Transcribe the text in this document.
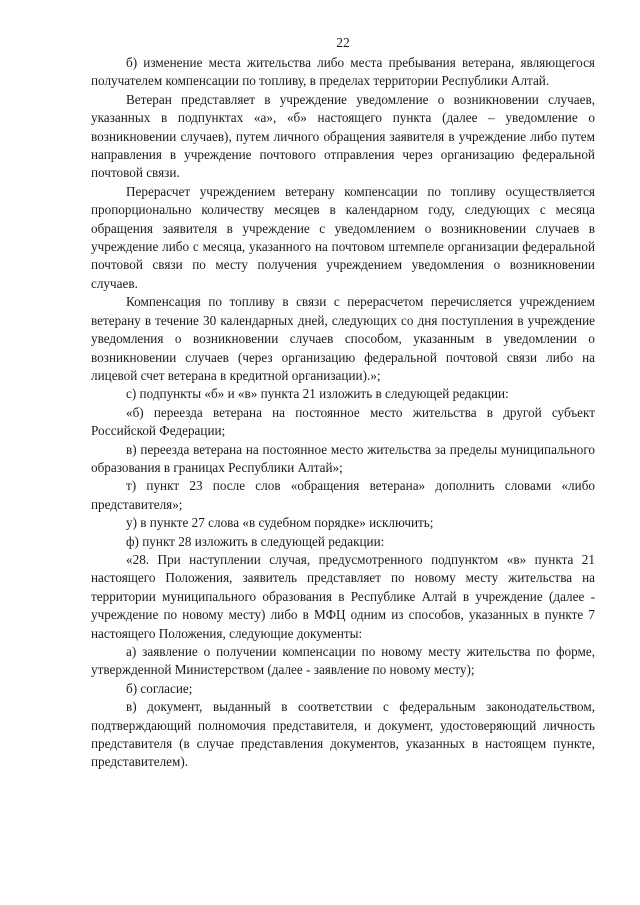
22

б) изменение места жительства либо места пребывания ветерана, являющегося получателем компенсации по топливу, в пределах территории Республики Алтай.

Ветеран представляет в учреждение уведомление о возникновении случаев, указанных в подпунктах «а», «б» настоящего пункта (далее – уведомление о возникновении случаев), путем личного обращения заявителя в учреждение либо путем направления в учреждение почтового отправления через организацию федеральной почтовой связи.

Перерасчет учреждением ветерану компенсации по топливу осуществляется пропорционально количеству месяцев в календарном году, следующих с месяца обращения заявителя в учреждение с уведомлением о возникновении случаев в учреждение либо с месяца, указанного на почтовом штемпеле организации федеральной почтовой связи по месту получения учреждением уведомления о возникновении случаев.

Компенсация по топливу в связи с перерасчетом перечисляется учреждением ветерану в течение 30 календарных дней, следующих со дня поступления в учреждение уведомления о возникновении случаев способом, указанным в уведомлении о возникновении случаев (через организацию федеральной почтовой связи либо на лицевой счет ветерана в кредитной организации).»;

с) подпункты «б» и «в» пункта 21 изложить в следующей редакции:

«б) переезда ветерана на постоянное место жительства в другой субъект Российской Федерации;

в) переезда ветерана на постоянное место жительства за пределы муниципального образования в границах Республики Алтай»;

т) пункт 23 после слов «обращения ветерана» дополнить словами «либо представителя»;

у) в пункте 27 слова «в судебном порядке» исключить;

ф) пункт 28 изложить в следующей редакции:

«28. При наступлении случая, предусмотренного подпунктом «в» пункта 21 настоящего Положения, заявитель представляет по новому месту жительства на территории муниципального образования в Республике Алтай в учреждение (далее - учреждение по новому месту) либо в МФЦ одним из способов, указанных в пункте 7 настоящего Положения, следующие документы:

а) заявление о получении компенсации по новому месту жительства по форме, утвержденной Министерством (далее - заявление по новому месту);

б) согласие;

в) документ, выданный в соответствии с федеральным законодательством, подтверждающий полномочия представителя, и документ, удостоверяющий личность представителя (в случае представления документов, указанных в настоящем пункте, представителем).
